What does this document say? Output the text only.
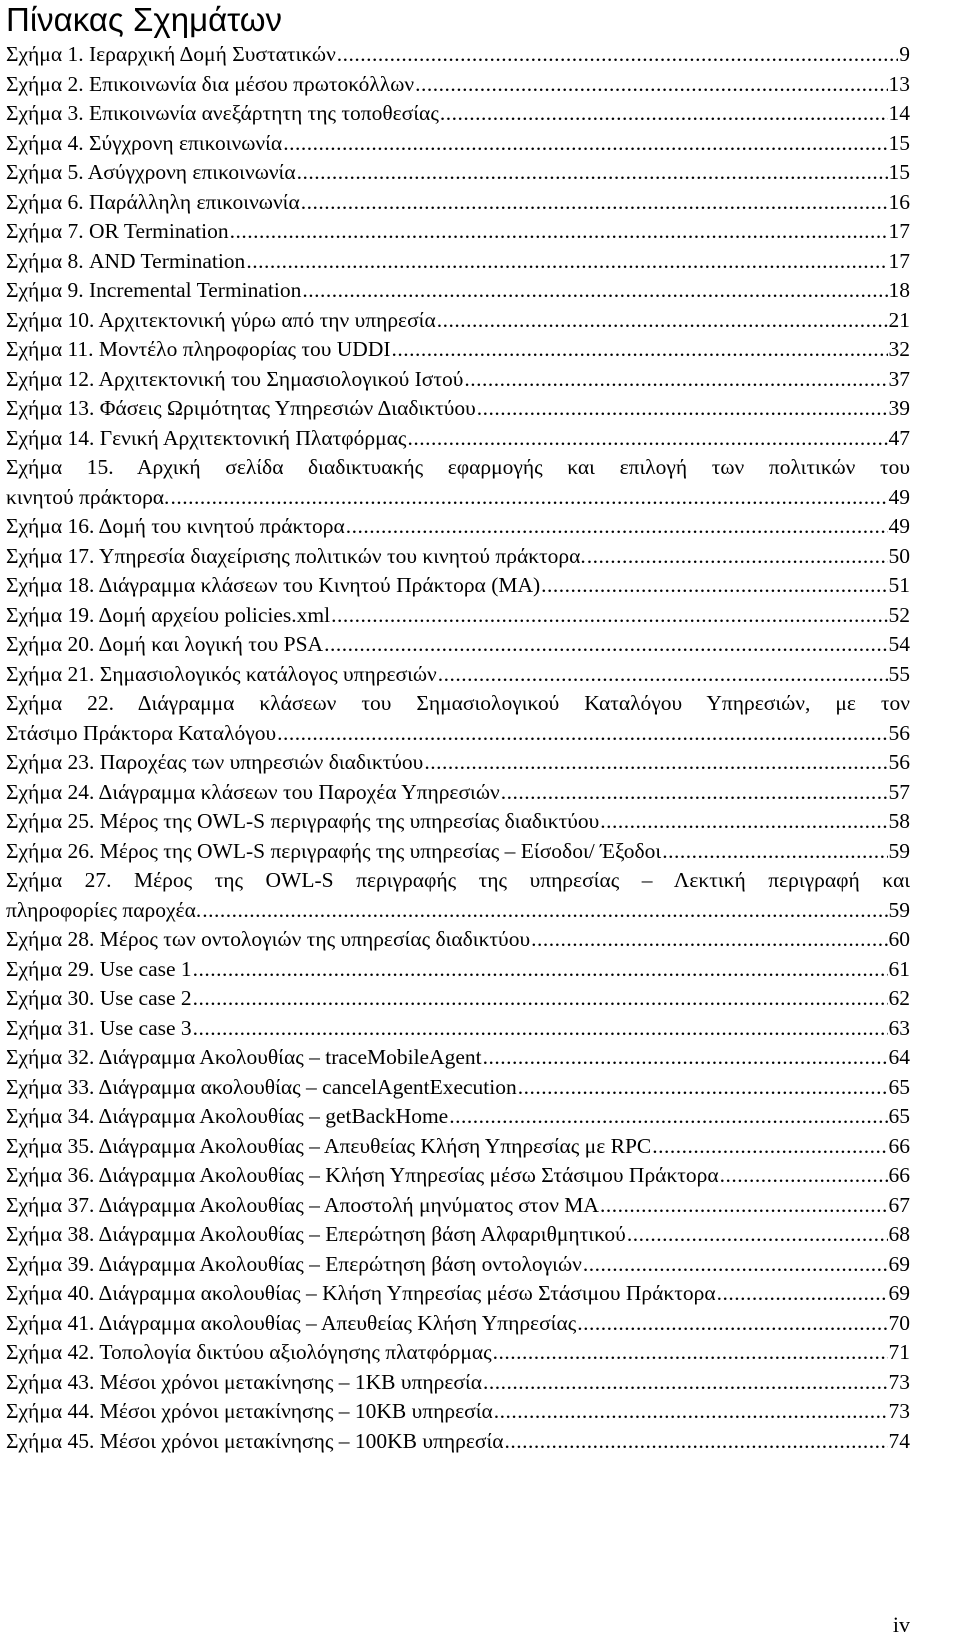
Πίνακας Σχημάτων
Σχήμα 1. Ιεραρχική Δομή Συστατικών .....	9
Σχήμα 2. Επικοινωνία δια μέσου πρωτοκόλλων .....	13
Σχήμα 3. Επικοινωνία ανεξάρτητη της τοποθεσίας .....	14
Σχήμα 4. Σύγχρονη επικοινωνία .....	15
Σχήμα 5. Ασύγχρονη επικοινωνία .....	15
Σχήμα 6. Παράλληλη επικοινωνία .....	16
Σχήμα 7. OR Termination .....	17
Σχήμα 8. AND Termination .....	17
Σχήμα 9. Incremental Termination .....	18
Σχήμα 10. Αρχιτεκτονική γύρω από την υπηρεσία .....	21
Σχήμα 11. Μοντέλο πληροφορίας του UDDI .....	32
Σχήμα 12. Αρχιτεκτονική του Σημασιολογικού Ιστού .....	37
Σχήμα 13. Φάσεις Ωριμότητας Υπηρεσιών Διαδικτύου .....	39
Σχήμα 14. Γενική Αρχιτεκτονική Πλατφόρμας .....	47
Σχήμα 15. Αρχική σελίδα διαδικτυακής εφαρμογής και επιλογή των πολιτικών του
κινητού πράκτορα. .....	49
Σχήμα 16. Δομή του κινητού πράκτορα .....	49
Σχήμα 17. Υπηρεσία διαχείρισης πολιτικών του κινητού πράκτορα. .....	50
Σχήμα 18. Διάγραμμα κλάσεων του Κινητού Πράκτορα (MA) .....	51
Σχήμα 19. Δομή αρχείου policies.xml .....	52
Σχήμα 20. Δομή και λογική του PSA .....	54
Σχήμα 21. Σημασιολογικός κατάλογος υπηρεσιών .....	55
Σχήμα 22. Διάγραμμα κλάσεων του Σημασιολογικού Καταλόγου Υπηρεσιών, με τον
Στάσιμο Πράκτορα Καταλόγου .....	56
Σχήμα 23. Παροχέας των υπηρεσιών διαδικτύου .....	56
Σχήμα 24. Διάγραμμα κλάσεων του Παροχέα Υπηρεσιών .....	57
Σχήμα 25. Μέρος της OWL-S περιγραφής της υπηρεσίας διαδικτύου .....	58
Σχήμα 26. Μέρος της OWL-S περιγραφής της υπηρεσίας – Είσοδοι/ Έξοδοι .....	59
Σχήμα 27. Μέρος της OWL-S περιγραφής της υπηρεσίας – Λεκτική περιγραφή και
πληροφορίες παροχέα. .....	59
Σχήμα 28. Μέρος των οντολογιών της υπηρεσίας διαδικτύου .....	60
Σχήμα 29. Use case 1 .....	61
Σχήμα 30. Use case 2 .....	62
Σχήμα 31. Use case 3 .....	63
Σχήμα 32. Διάγραμμα Ακολουθίας – traceMobileAgent .....	64
Σχήμα 33. Διάγραμμα ακολουθίας – cancelAgentExecution .....	65
Σχήμα 34. Διάγραμμα Ακολουθίας – getBackHome .....	65
Σχήμα 35. Διάγραμμα Ακολουθίας – Απευθείας Κλήση Υπηρεσίας με RPC .....	66
Σχήμα 36. Διάγραμμα Ακολουθίας – Κλήση Υπηρεσίας μέσω Στάσιμου Πράκτορα .....	66
Σχήμα 37. Διάγραμμα Ακολουθίας – Αποστολή μηνύματος στον MA .....	67
Σχήμα 38. Διάγραμμα Ακολουθίας – Επερώτηση βάση Αλφαριθμητικού .....	68
Σχήμα 39. Διάγραμμα Ακολουθίας – Επερώτηση βάση οντολογιών .....	69
Σχήμα 40. Διάγραμμα ακολουθίας – Κλήση Υπηρεσίας μέσω Στάσιμου Πράκτορα .....	69
Σχήμα 41. Διάγραμμα ακολουθίας – Απευθείας Κλήση Υπηρεσίας .....	70
Σχήμα 42. Τοπολογία δικτύου αξιολόγησης πλατφόρμας .....	71
Σχήμα 43. Μέσοι χρόνοι μετακίνησης – 1KB υπηρεσία .....	73
Σχήμα 44. Μέσοι χρόνοι μετακίνησης – 10KB υπηρεσία .....	73
Σχήμα 45. Μέσοι χρόνοι μετακίνησης – 100KB υπηρεσία .....	74
iv
